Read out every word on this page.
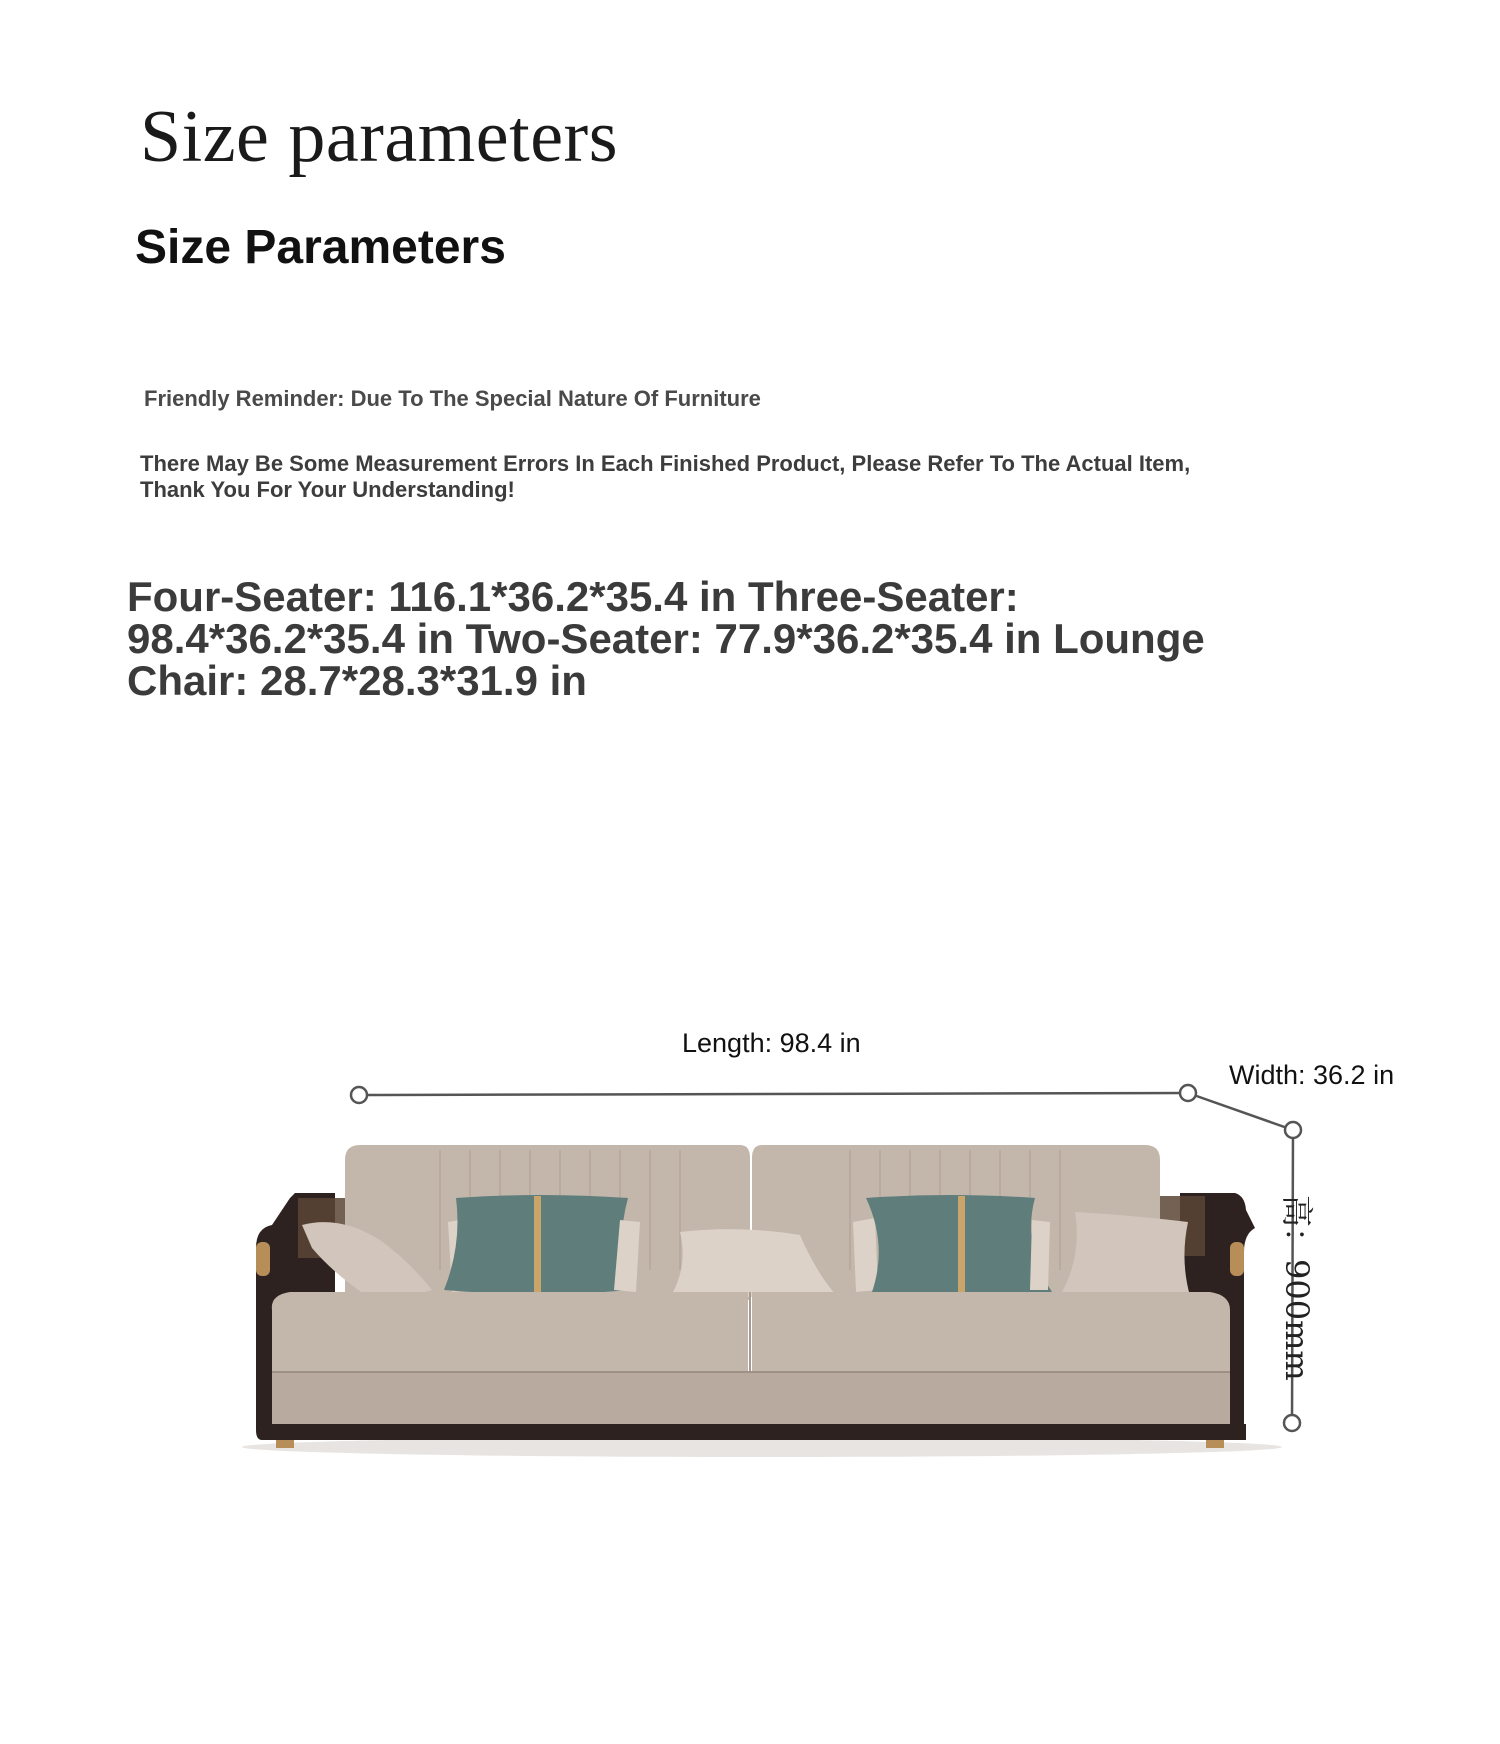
Size parameters
Size Parameters
Friendly Reminder: Due To The Special Nature Of Furniture
There May Be Some Measurement Errors In Each Finished Product, Please Refer To The Actual Item, Thank You For Your Understanding!
Four-Seater: 116.1*36.2*35.4 in Three-Seater: 98.4*36.2*35.4 in Two-Seater: 77.9*36.2*35.4 in Lounge Chair: 28.7*28.3*31.9 in
Length: 98.4 in
Width: 36.2 in
高：900mm
